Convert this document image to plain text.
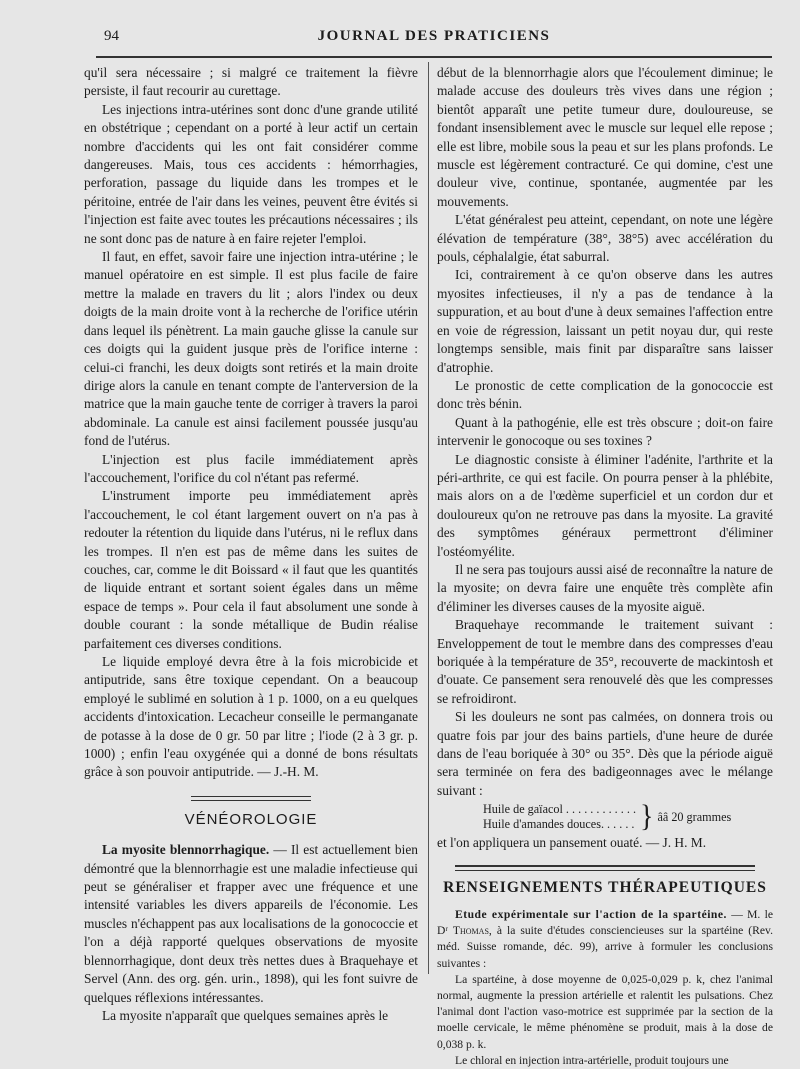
94	JOURNAL DES PRATICIENS

qu'il sera nécessaire ; si malgré ce traitement la fièvre persiste, il faut recourir au curettage.

Les injections intra-utérines sont donc d'une grande utilité en obstétrique ; cependant on a porté à leur actif un certain nombre d'accidents qui les ont fait considérer comme dangereuses. Mais, tous ces accidents : hémorrhagies, perforation, passage du liquide dans les trompes et le péritoine, entrée de l'air dans les veines, peuvent être évités si l'injection est faite avec toutes les précautions nécessaires ; ils ne sont donc pas de nature à en faire rejeter l'emploi.

Il faut, en effet, savoir faire une injection intra-utérine ; le manuel opératoire en est simple. Il est plus facile de faire mettre la malade en travers du lit ; alors l'index ou deux doigts de la main droite vont à la recherche de l'orifice utérin dans lequel ils pénètrent. La main gauche glisse la canule sur ces doigts qui la guident jusque près de l'orifice interne : celui-ci franchi, les deux doigts sont retirés et la main droite dirige alors la canule en tenant compte de l'anterversion de la matrice que la main gauche tente de corriger à travers la paroi abdominale. La canule est ainsi facilement poussée jusqu'au fond de l'utérus.

L'injection est plus facile immédiatement après l'accouchement, l'orifice du col n'étant pas refermé.

L'instrument importe peu immédiatement après l'accouchement, le col étant largement ouvert on n'a pas à redouter la rétention du liquide dans l'utérus, ni le reflux dans les trompes. Il n'en est pas de même dans les suites de couches, car, comme le dit Boissard « il faut que les quantités de liquide entrant et sortant soient égales dans un même espace de temps ». Pour cela il faut absolument une sonde à double courant : la sonde métallique de Budin réalise parfaitement ces diverses conditions.

Le liquide employé devra être à la fois microbicide et antiputride, sans être toxique cependant. On a beaucoup employé le sublimé en solution à 1 p. 1000, on a eu quelques accidents d'intoxication. Lecacheur conseille le permanganate de potasse à la dose de 0 gr. 50 par litre ; l'iode (2 à 3 gr. p. 1000) ; enfin l'eau oxygénée qui a donné de bons résultats grâce à son pouvoir antiputride. — J.-H. M.

VÉNÉOROLOGIE

La myosite blennorrhagique. — Il est actuellement bien démontré que la blennorrhagie est une maladie infectieuse qui peut se généraliser et frapper avec une fréquence et une intensité variables les divers appareils de l'économie. Les muscles n'échappent pas aux localisations de la gonococcie et l'on a déjà rapporté quelques observations de myosite blennorrhagique, dont deux très nettes dues à Braquehaye et Servel (Ann. des org. gén. urin., 1898), qui les font suivre de quelques réflexions intéressantes.

La myosite n'apparaît que quelques semaines après le

début de la blennorrhagie alors que l'écoulement diminue; le malade accuse des douleurs très vives dans une région ; bientôt apparaît une petite tumeur dure, douloureuse, se fondant insensiblement avec le muscle sur lequel elle repose ; elle est libre, mobile sous la peau et sur les plans profonds. Le muscle est légèrement contracturé. Ce qui domine, c'est une douleur vive, continue, spontanée, augmentée par les mouvements.

L'état généralest peu atteint, cependant, on note une légère élévation de température (38°, 38°5) avec accélération du pouls, céphalalgie, état saburral.

Ici, contrairement à ce qu'on observe dans les autres myosites infectieuses, il n'y a pas de tendance à la suppuration, et au bout d'une à deux semaines l'affection entre en voie de régression, laissant un petit noyau dur, qui reste longtemps sensible, mais finit par disparaître sans laisser d'atrophie.

Le pronostic de cette complication de la gonococcie est donc très bénin.

Quant à la pathogénie, elle est très obscure ; doit-on faire intervenir le gonocoque ou ses toxines ?

Le diagnostic consiste à éliminer l'adénite, l'arthrite et la péri-arthrite, ce qui est facile. On pourra penser à la phlébite, mais alors on a de l'œdème superficiel et un cordon dur et douloureux qu'on ne retrouve pas dans la myosite. La gravité des symptômes généraux permettront d'éliminer l'ostéomyélite.

Il ne sera pas toujours aussi aisé de reconnaître la nature de la myosite; on devra faire une enquête très complète afin d'éliminer les diverses causes de la myosite aiguë.

Braquehaye recommande le traitement suivant : Enveloppement de tout le membre dans des compresses d'eau boriquée à la température de 35°, recouverte de mackintosh et d'ouate. Ce pansement sera renouvelé dès que les compresses se refroidiront.

Si les douleurs ne sont pas calmées, on donnera trois ou quatre fois par jour des bains partiels, d'une heure de durée dans de l'eau boriquée à 30° ou 35°. Dès que la période aiguë sera terminée on fera des badigeonnages avec le mélange suivant :

Huile de gaïacol . . . . . . . . . . . .
Huile d'amandes douces. . . . . . } ââ 20 grammes

et l'on appliquera un pansement ouaté. — J. H. M.

RENSEIGNEMENTS THÉRAPEUTIQUES

Etude expérimentale sur l'action de la spartéine. — M. le Dʳ Thomas, à la suite d'études consciencieuses sur la spartéine (Rev. méd. Suisse romande, déc. 99), arrive à formuler les conclusions suivantes :

La spartéine, à dose moyenne de 0,025-0,029 p. k, chez l'animal normal, augmente la pression artérielle et ralentit les pulsations. Chez l'animal dont l'action vaso-motrice est supprimée par la section de la moelle cervicale, le même phénomène se produit, mais à la dose de 0,038 p. k.

Le chloral en injection intra-artérielle, produit toujours une
